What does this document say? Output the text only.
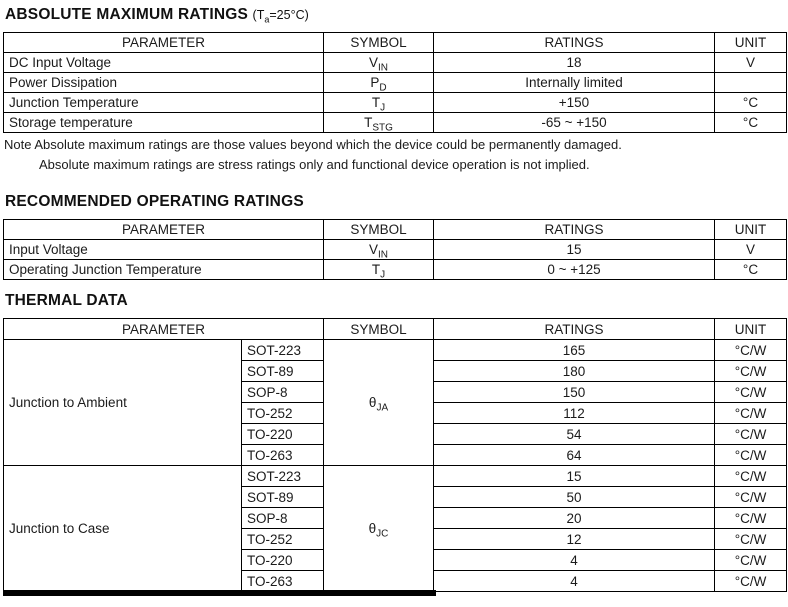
ABSOLUTE MAXIMUM RATINGS $(T_a=25^\circ C)$
PARAMETER	SYMBOL	RATINGS	UNIT
DC Input Voltage	$V_{IN}$	18	V
Power Dissipation	$P_D$	Internally limited	
Junction Temperature	$T_J$	+150	°C
Storage temperature	$T_{STG}$	-65 ~ +150	°C
Note Absolute maximum ratings are those values beyond which the device could be permanently damaged.
Absolute maximum ratings are stress ratings only and functional device operation is not implied.
RECOMMENDED OPERATING RATINGS
PARAMETER	SYMBOL	RATINGS	UNIT
Input Voltage	$V_{IN}$	15	V
Operating Junction Temperature	$T_J$	0 ~ +125	°C
THERMAL DATA
PARAMETER		SYMBOL	RATINGS	UNIT
Junction to Ambient	SOT-223	$\theta_{JA}$	165	°C/W
	SOT-89		180	°C/W
	SOP-8		150	°C/W
	TO-252		112	°C/W
	TO-220		54	°C/W
	TO-263		64	°C/W
Junction to Case	SOT-223	$\theta_{JC}$	15	°C/W
	SOT-89		50	°C/W
	SOP-8		20	°C/W
	TO-252		12	°C/W
	TO-220		4	°C/W
	TO-263		4	°C/W
